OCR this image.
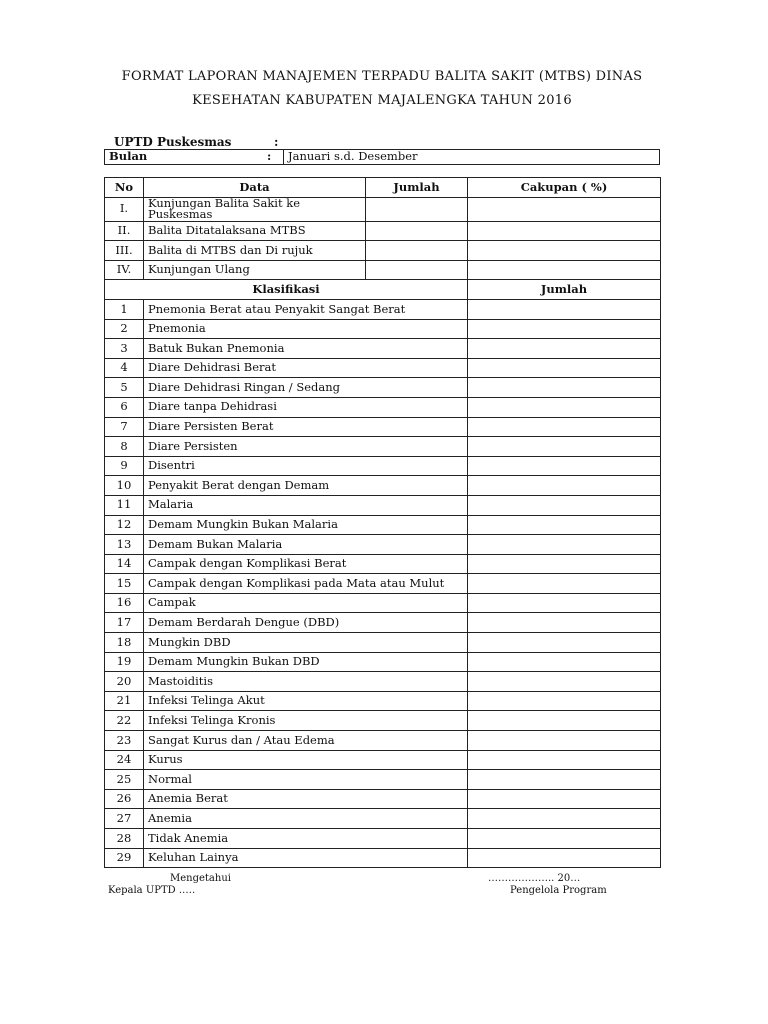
FORMAT LAPORAN MANAJEMEN TERPADU BALITA SAKIT (MTBS) DINAS
KESEHATAN KABUPATEN MAJALENGKA TAHUN 2016
UPTD Puskesmas	:
Bulan	:	Januari s.d. Desember
No	Data	Jumlah	Cakupan ( %)
I.	Kunjungan Balita Sakit ke Puskesmas		
II.	Balita Ditatalaksana MTBS		
III.	Balita di MTBS dan Di rujuk		
IV.	Kunjungan Ulang		
Klasifikasi			Jumlah
1	Pnemonia Berat atau Penyakit Sangat Berat		
2	Pnemonia		
3	Batuk Bukan Pnemonia		
4	Diare Dehidrasi Berat		
5	Diare Dehidrasi Ringan / Sedang		
6	Diare tanpa Dehidrasi		
7	Diare Persisten Berat		
8	Diare Persisten		
9	Disentri		
10	Penyakit Berat dengan Demam		
11	Malaria		
12	Demam Mungkin Bukan Malaria		
13	Demam Bukan Malaria		
14	Campak dengan Komplikasi Berat		
15	Campak dengan Komplikasi pada Mata atau Mulut		
16	Campak		
17	Demam Berdarah Dengue (DBD)		
18	Mungkin DBD		
19	Demam Mungkin Bukan DBD		
20	Mastoiditis		
21	Infeksi Telinga Akut		
22	Infeksi Telinga Kronis		
23	Sangat Kurus dan / Atau Edema		
24	Kurus		
25	Normal		
26	Anemia Berat		
27	Anemia		
28	Tidak Anemia		
29	Keluhan Lainya		
Mengetahui
Kepala UPTD .….
……………….. 20…
Pengelola Program
